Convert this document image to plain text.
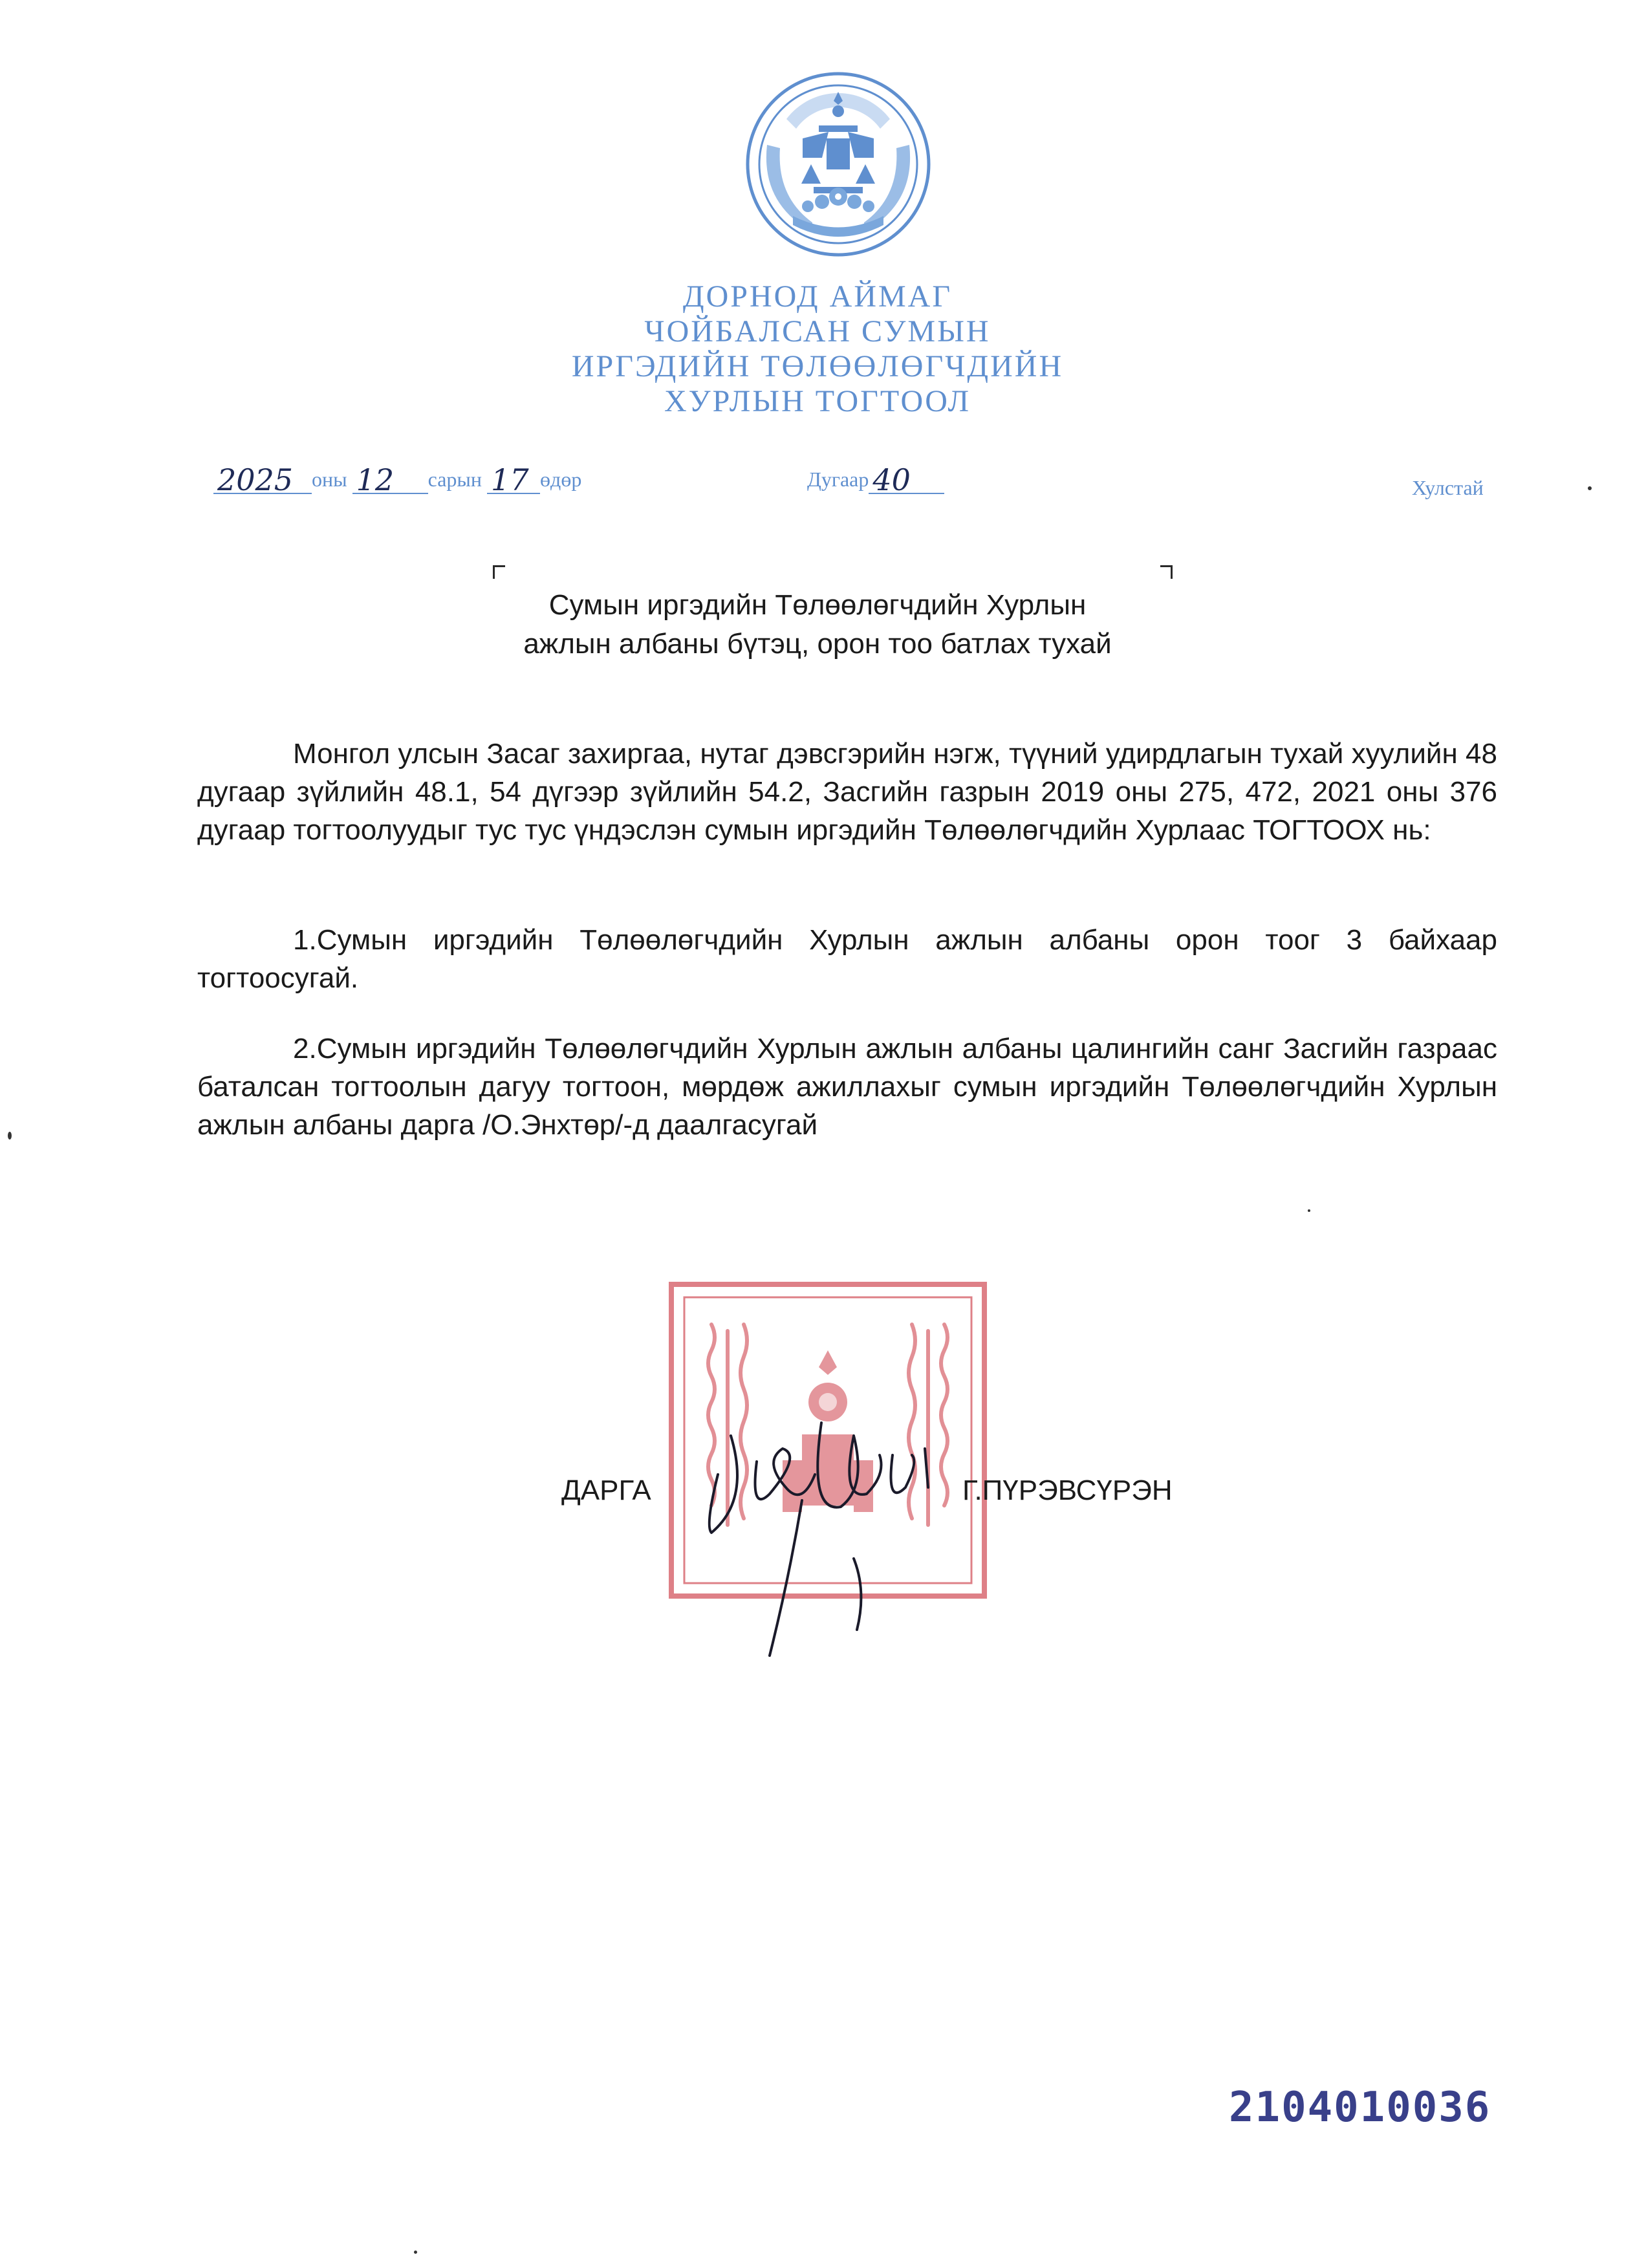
ДОРНОД АЙМАГ
ЧОЙБАЛСАН СУМЫН
ИРГЭДИЙН ТӨЛӨӨЛӨГЧДИЙН
ХУРЛЫН ТОГТООЛ
2025 оны 12 сарын 17 өдөр	Дугаар 40	Хулстай
Сумын иргэдийн Төлөөлөгчдийн Хурлын
ажлын албаны бүтэц, орон тоо батлах тухай

Монгол улсын Засаг захиргаа, нутаг дэвсгэрийн нэгж, түүний удирдлагын тухай хуулийн 48 дугаар зүйлийн 48.1, 54 дүгээр зүйлийн 54.2, Засгийн газрын 2019 оны 275, 472, 2021 оны 376 дугаар тогтоолуудыг тус тус үндэслэн сумын иргэдийн Төлөөлөгчдийн Хурлаас ТОГТООХ нь:

1.Сумын иргэдийн Төлөөлөгчдийн Хурлын ажлын албаны орон тоог 3 байхаар тогтоосугай.

2.Сумын иргэдийн Төлөөлөгчдийн Хурлын ажлын албаны цалингийн санг Засгийн газраас баталсан тогтоолын дагуу тогтоон, мөрдөж ажиллахыг сумын иргэдийн Төлөөлөгчдийн Хурлын ажлын албаны дарга /О.Энхтөр/-д даалгасугай

ДАРГА	Г.ПҮРЭВСҮРЭН
2104010036
